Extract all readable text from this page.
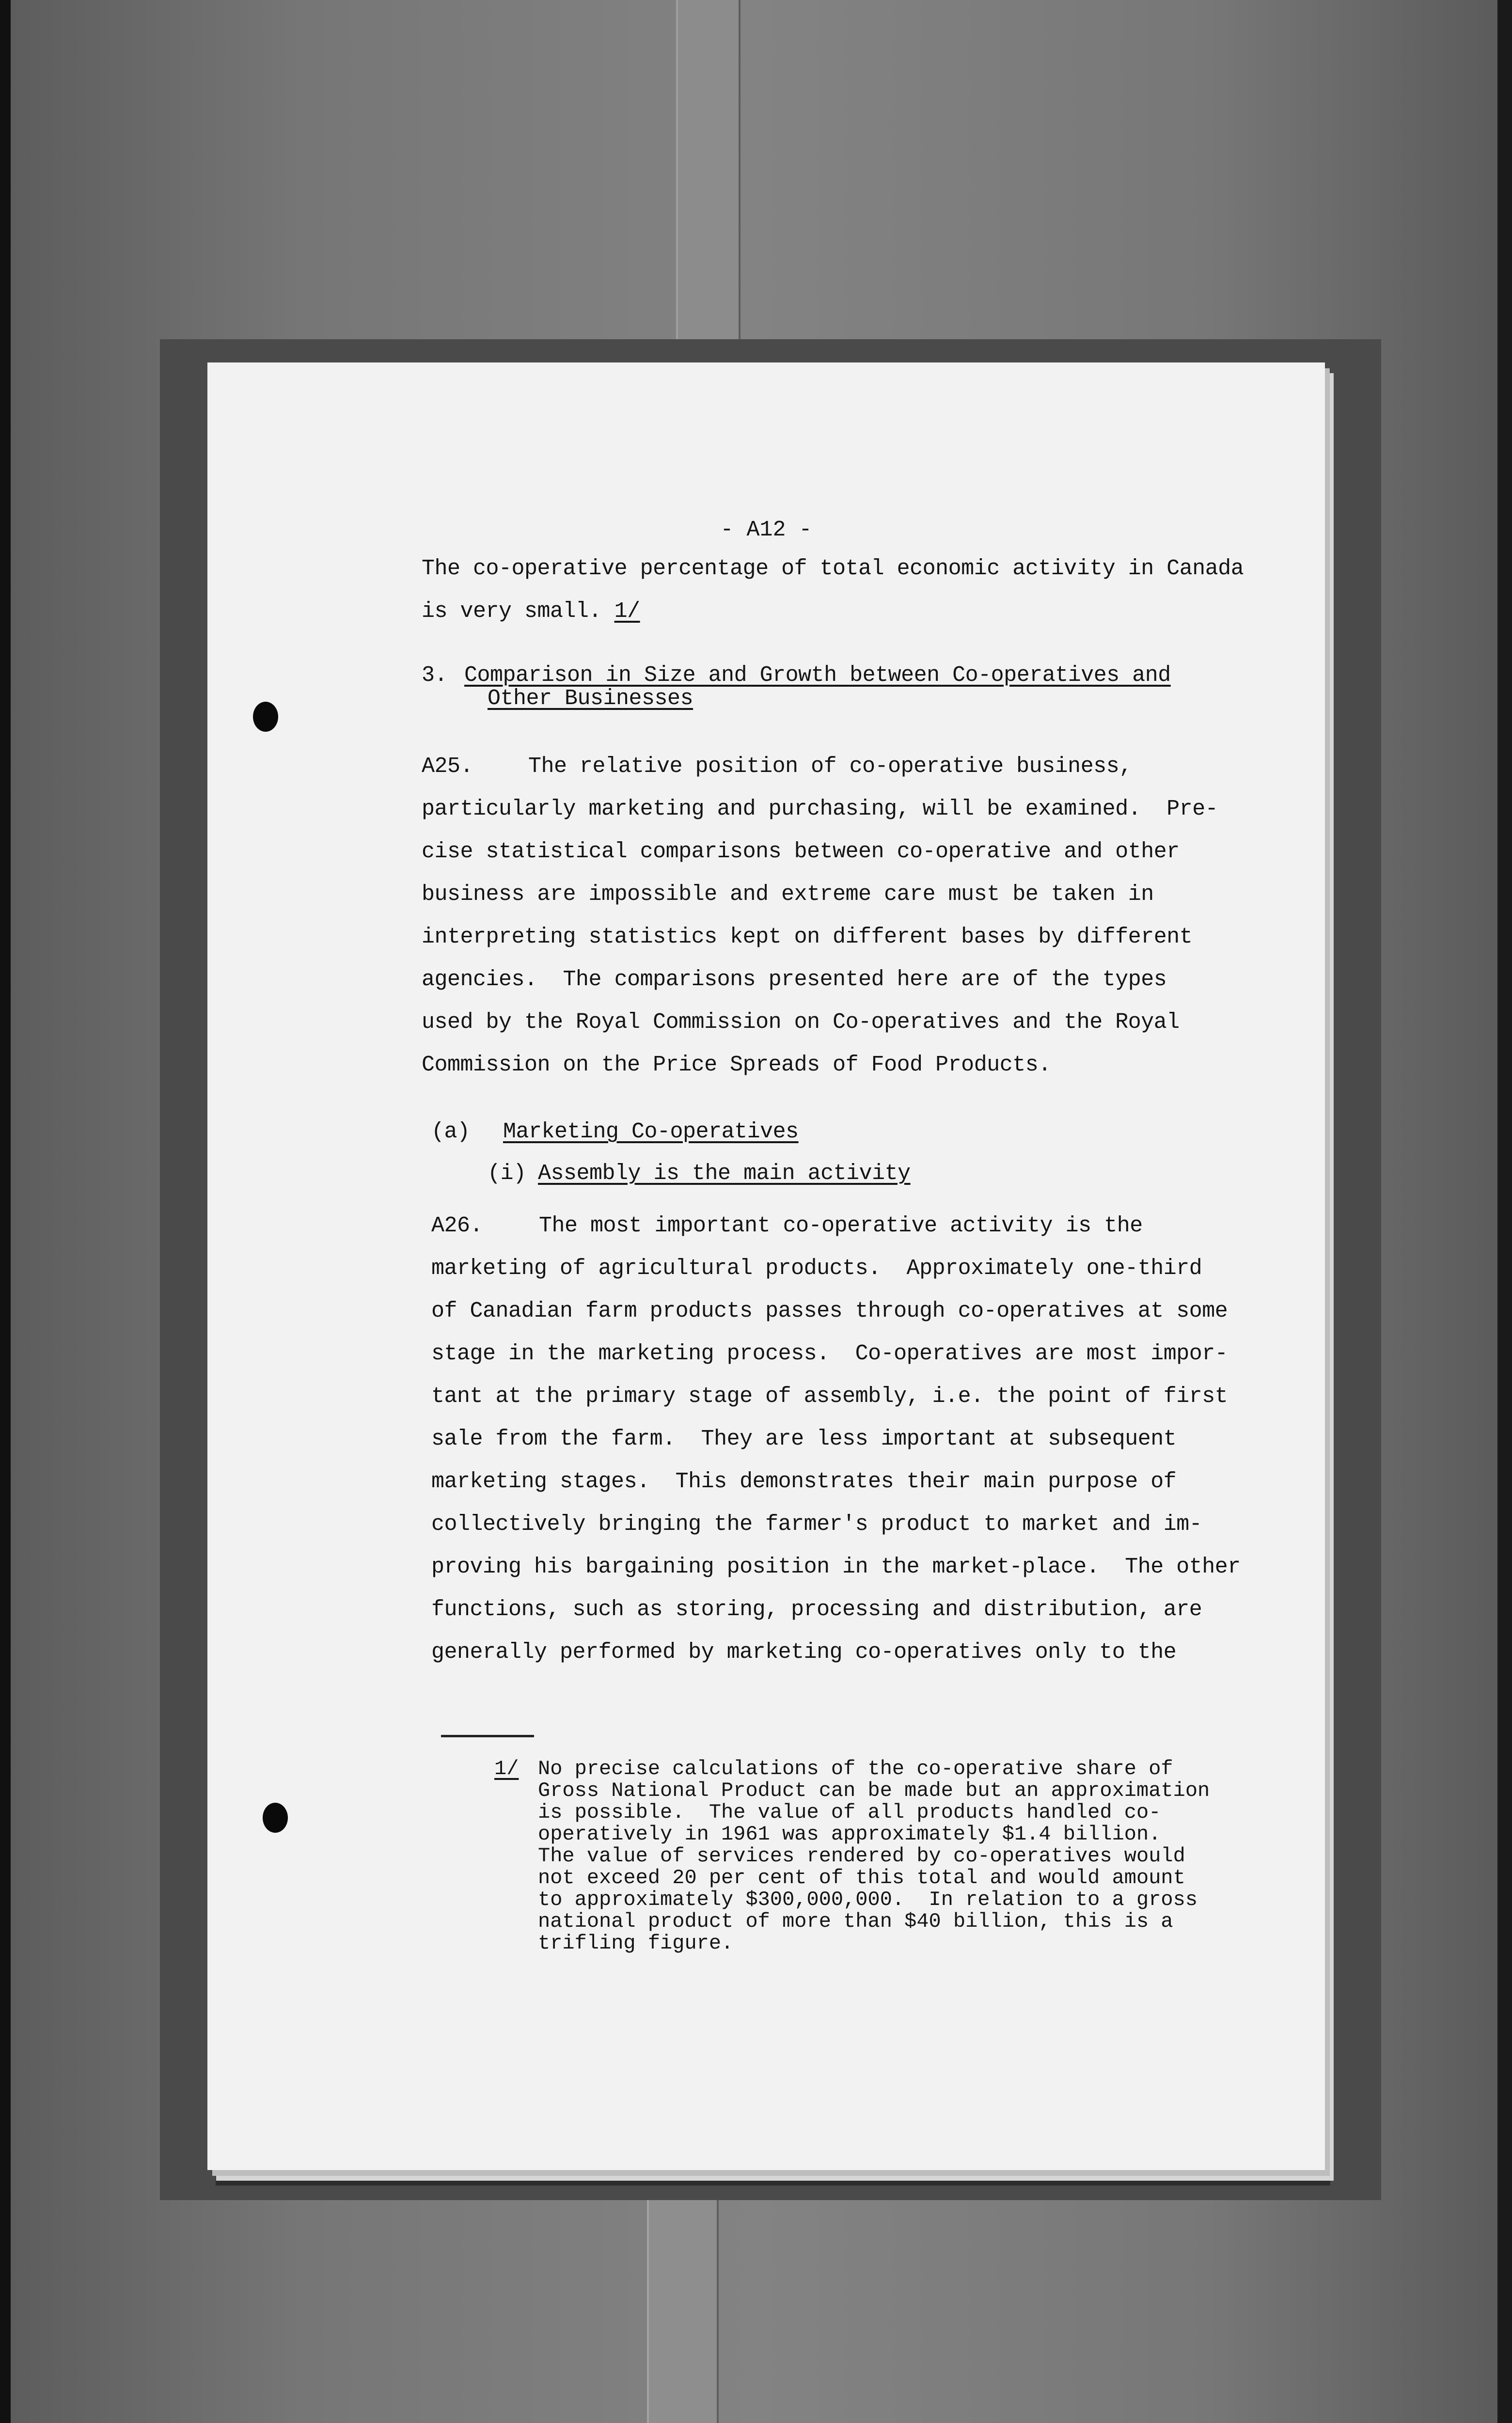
- A12 -
The co-operative percentage of total economic activity in Canada
is very small. 1/
3. Comparison in Size and Growth between Co-operatives and
Other Businesses
A25.	The relative position of co-operative business,
particularly marketing and purchasing, will be examined.  Pre-
cise statistical comparisons between co-operative and other
business are impossible and extreme care must be taken in
interpreting statistics kept on different bases by different
agencies.  The comparisons presented here are of the types
used by the Royal Commission on Co-operatives and the Royal
Commission on the Price Spreads of Food Products.
(a) Marketing Co-operatives
(i) Assembly is the main activity
A26.	The most important co-operative activity is the
marketing of agricultural products.  Approximately one-third
of Canadian farm products passes through co-operatives at some
stage in the marketing process.  Co-operatives are most impor-
tant at the primary stage of assembly, i.e. the point of first
sale from the farm.  They are less important at subsequent
marketing stages.  This demonstrates their main purpose of
collectively bringing the farmer's product to market and im-
proving his bargaining position in the market-place.  The other
functions, such as storing, processing and distribution, are
generally performed by marketing co-operatives only to the
1/ No precise calculations of the co-operative share of
Gross National Product can be made but an approximation
is possible.  The value of all products handled co-
operatively in 1961 was approximately $1.4 billion.
The value of services rendered by co-operatives would
not exceed 20 per cent of this total and would amount
to approximately $300,000,000.  In relation to a gross
national product of more than $40 billion, this is a
trifling figure.
